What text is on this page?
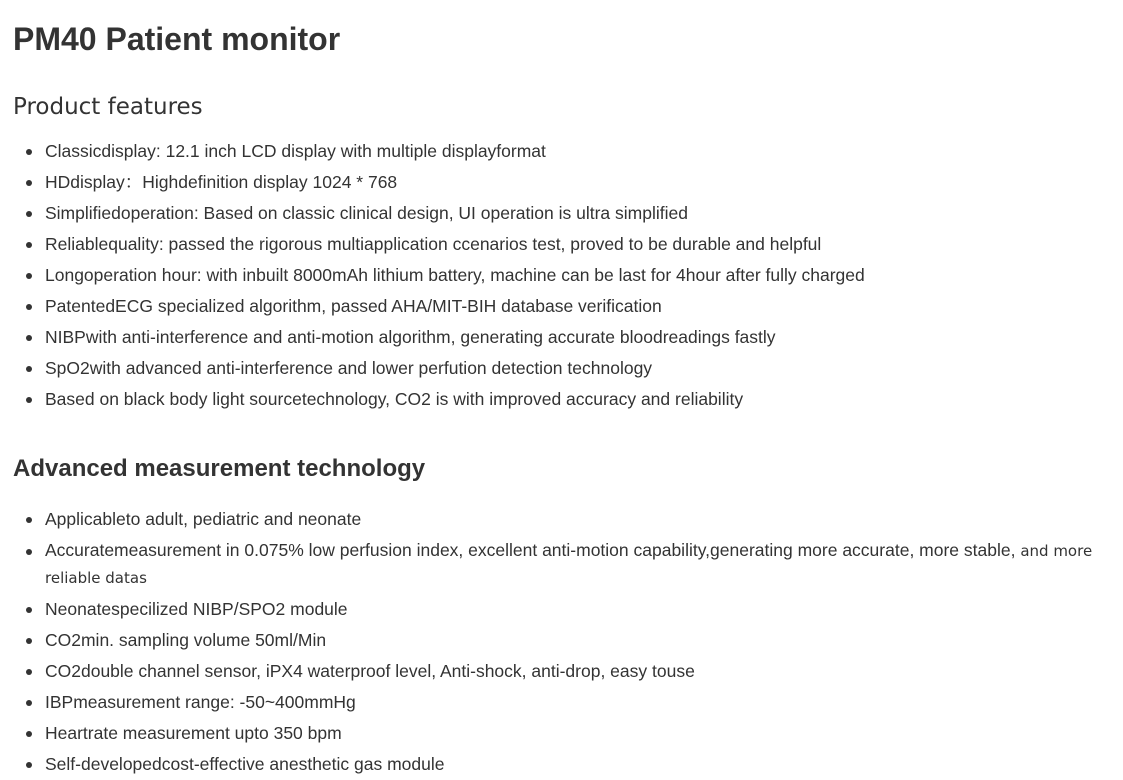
PM40 Patient monitor
Product features
Classicdisplay: 12.1 inch LCD display with multiple displayformat
HDdisplay：Highdefinition display 1024 * 768
Simplifiedoperation: Based on classic clinical design, UI operation is ultra simplified
Reliablequality: passed the rigorous multiapplication ccenarios test, proved to be durable and helpful
Longoperation hour: with inbuilt 8000mAh lithium battery, machine can be last for 4hour after fully charged
PatentedECG specialized algorithm, passed AHA/MIT-BIH database verification
NIBPwith anti-interference and anti-motion algorithm, generating accurate bloodreadings fastly
SpO2with advanced anti-interference and lower perfution detection technology
Based on black body light sourcetechnology, CO2 is with improved accuracy and reliability
Advanced measurement technology
Applicableto adult, pediatric and neonate
Accuratemeasurement in 0.075% low perfusion index, excellent anti-motion capability,generating more accurate, more stable, and more reliable datas
Neonatespecilized NIBP/SPO2 module
CO2min. sampling volume 50ml/Min
CO2double channel sensor, iPX4 waterproof level, Anti-shock, anti-drop, easy touse
IBPmeasurement range: -50~400mmHg
Heartrate measurement upto 350 bpm
Self-developedcost-effective anesthetic gas module
